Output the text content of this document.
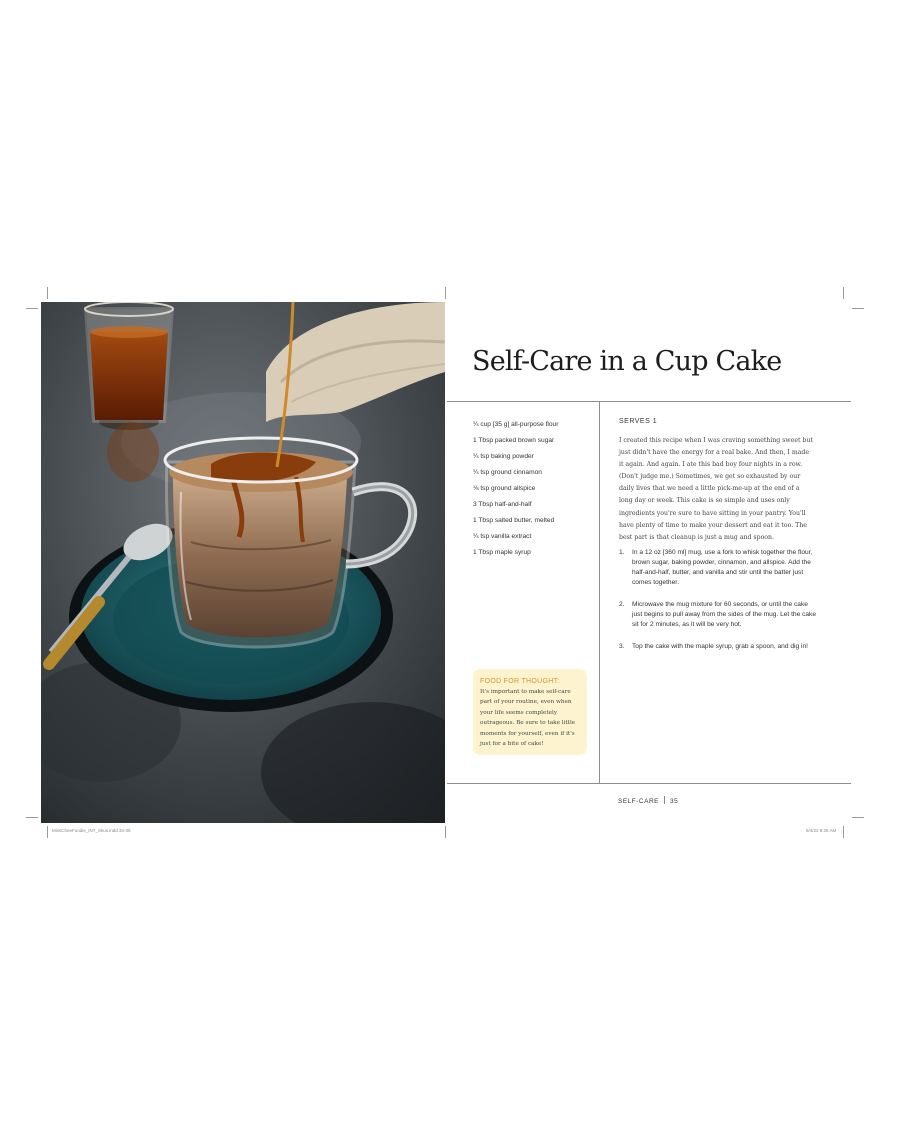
Self-Care in a Cup Cake
¼ cup [35 g] all-purpose flour
1 Tbsp packed brown sugar
¼ tsp baking powder
¼ tsp ground cinnamon
⅛ tsp ground allspice
3 Tbsp half-and-half
1 Tbsp salted butter, melted
¼ tsp vanilla extract
1 Tbsp maple syrup
FOOD FOR THOUGHT:
It's important to make self-care part of your routine, even when your life seems completely outrageous. Be sure to take little moments for yourself, even if it's just for a bite of cake!
SERVES 1

I created this recipe when I was craving something sweet but just didn't have the energy for a real bake. And then, I made it again. And again. I ate this bad boy four nights in a row. (Don't judge me.) Sometimes, we get so exhausted by our daily lives that we need a little pick-me-up at the end of a long day or week. This cake is so simple and uses only ingredients you're sure to have sitting in your pantry. You'll have plenty of time to make your dessert and eat it too. The best part is that cleanup is just a mug and spoon.

1. In a 12 oz [360 ml] mug, use a fork to whisk together the flour, brown sugar, baking powder, cinnamon, and allspice. Add the half-and-half, butter, and vanilla and stir until the batter just comes together.
2. Microwave the mug mixture for 60 seconds, or until the cake just begins to pull away from the sides of the mug. Let the cake sit for 2 minutes, as it will be very hot.
3. Top the cake with the maple syrup, grab a spoon, and dig in!
SELF-CARE 35
MissCheeFoodie_INT_Skus.indd 34-35	5/4/22 9:36 AM
